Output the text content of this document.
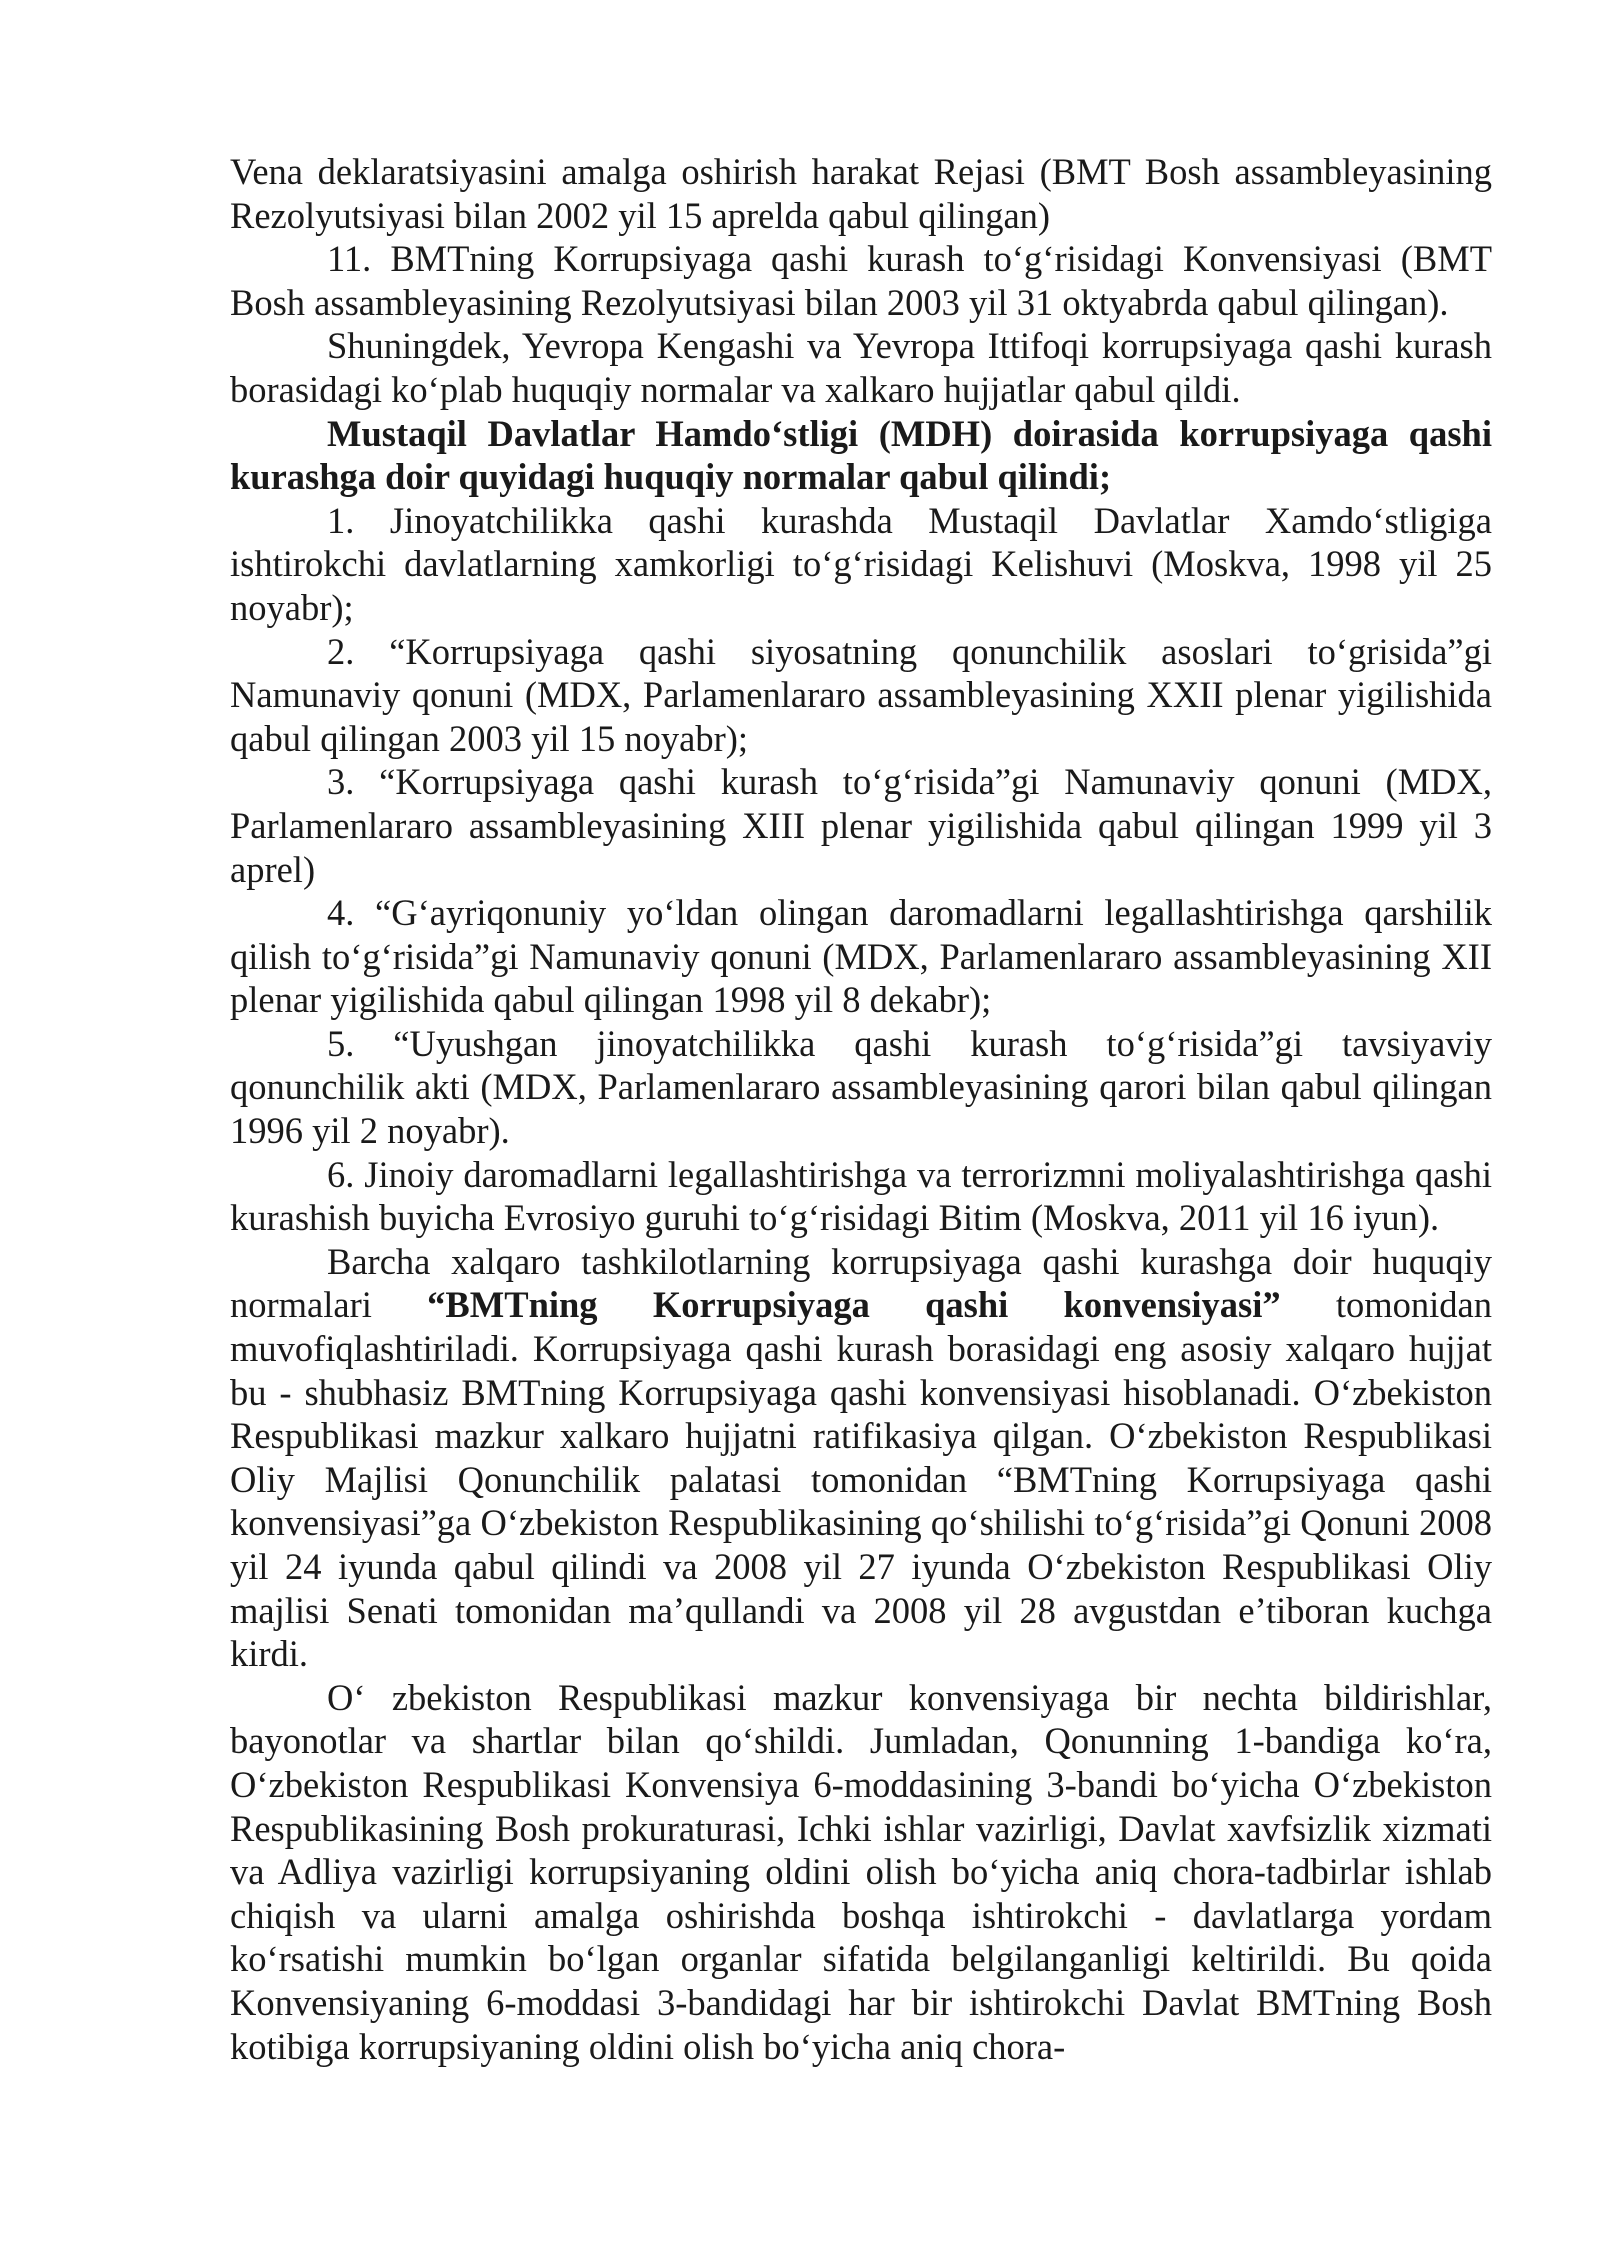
Vena deklaratsiyasini amalga oshirish harakat Rejasi (BMT Bosh assambleyasining Rezolyutsiyasi bilan 2002 yil 15 aprelda qabul qilingan)

11. BMTning Korrupsiyaga qashi kurash to‘g‘risidagi Konvensiyasi (BMT Bosh assambleyasining Rezolyutsiyasi bilan 2003 yil 31 oktyabrda qabul qilingan).

Shuningdek, Yevropa Kengashi va Yevropa Ittifoqi korrupsiyaga qashi kurash borasidagi ko‘plab huquqiy normalar va xalkaro hujjatlar qabul qildi.

Mustaqil Davlatlar Hamdo‘stligi (MDH) doirasida korrupsiyaga qashi kurashga doir quyidagi huquqiy normalar qabul qilindi;

1. Jinoyatchilikka qashi kurashda Mustaqil Davlatlar Xamdo‘stligiga ishtirokchi davlatlarning xamkorligi to‘g‘risidagi Kelishuvi (Moskva, 1998 yil 25 noyabr);

2. “Korrupsiyaga qashi siyosatning qonunchilik asoslari to‘grisida”gi Namunaviy qonuni (MDX, Parlamenlararo assambleyasining XXII plenar yigilishida qabul qilingan 2003 yil 15 noyabr);

3. “Korrupsiyaga qashi kurash to‘g‘risida”gi Namunaviy qonuni (MDX, Parlamenlararo assambleyasining XIII plenar yigilishida qabul qilingan 1999 yil 3 aprel)

4. “G‘ayriqonuniy yo‘ldan olingan daromadlarni legallashtirishga qarshilik qilish to‘g‘risida”gi Namunaviy qonuni (MDX, Parlamenlararo assambleyasining XII plenar yigilishida qabul qilingan 1998 yil 8 dekabr);

5. “Uyushgan jinoyatchilikka qashi kurash to‘g‘risida”gi tavsiyaviy qonunchilik akti (MDX, Parlamenlararo assambleyasining qarori bilan qabul qilingan 1996 yil 2 noyabr).

6. Jinoiy daromadlarni legallashtirishga va terrorizmni moliyalashtirishga qashi kurashish buyicha Evrosiyo guruhi to‘g‘risidagi Bitim (Moskva, 2011 yil 16 iyun).

Barcha xalqaro tashkilotlarning korrupsiyaga qashi kurashga doir huquqiy normalari “BMTning Korrupsiyaga qashi konvensiyasi” tomonidan muvofiqlashtiriladi. Korrupsiyaga qashi kurash borasidagi eng asosiy xalqaro hujjat bu - shubhasiz BMTning Korrupsiyaga qashi konvensiyasi hisoblanadi. O‘zbekiston Respublikasi mazkur xalkaro hujjatni ratifikasiya qilgan. O‘zbekiston Respublikasi Oliy Majlisi Qonunchilik palatasi tomonidan “BMTning Korrupsiyaga qashi konvensiyasi”ga O‘zbekiston Respublikasining qo‘shilishi to‘g‘risida”gi Qonuni 2008 yil 24 iyunda qabul qilindi va 2008 yil 27 iyunda O‘zbekiston Respublikasi Oliy majlisi Senati tomonidan ma’qullandi va 2008 yil 28 avgustdan e’tiboran kuchga kirdi.

O‘ zbekiston Respublikasi mazkur konvensiyaga bir nechta bildirishlar, bayonotlar va shartlar bilan qo‘shildi. Jumladan, Qonunning 1-bandiga ko‘ra, O‘zbekiston Respublikasi Konvensiya 6-moddasining 3-bandi bo‘yicha O‘zbekiston Respublikasining Bosh prokuraturasi, Ichki ishlar vazirligi, Davlat xavfsizlik xizmati va Adliya vazirligi korrupsiyaning oldini olish bo‘yicha aniq chora-tadbirlar ishlab chiqish va ularni amalga oshirishda boshqa ishtirokchi - davlatlarga yordam ko‘rsatishi mumkin bo‘lgan organlar sifatida belgilanganligi keltirildi. Bu qoida Konvensiyaning 6-moddasi 3-bandidagi har bir ishtirokchi Davlat BMTning Bosh kotibiga korrupsiyaning oldini olish bo‘yicha aniq chora-
